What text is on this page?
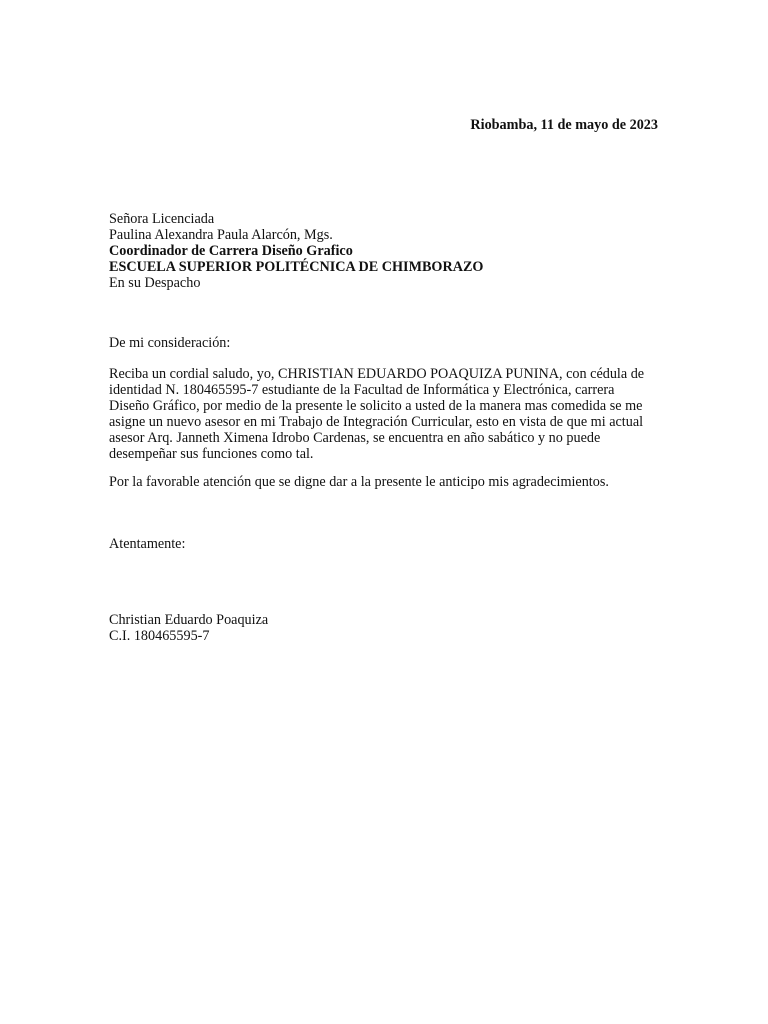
Riobamba, 11 de mayo de 2023
Señora Licenciada
Paulina Alexandra Paula Alarcón, Mgs.
Coordinador de Carrera Diseño Grafico
ESCUELA SUPERIOR POLITÉCNICA DE CHIMBORAZO
En su Despacho
De mi consideración:
Reciba un cordial saludo, yo, CHRISTIAN EDUARDO POAQUIZA PUNINA, con cédula de
identidad N. 180465595-7 estudiante de la Facultad de Informática y Electrónica, carrera
Diseño Gráfico, por medio de la presente le solicito a usted de la manera mas comedida se me
asigne un nuevo asesor en mi Trabajo de Integración Curricular, esto en vista de que mi actual
asesor Arq. Janneth Ximena Idrobo Cardenas, se encuentra en año sabático y no puede
desempeñar sus funciones como tal.
Por la favorable atención que se digne dar a la presente le anticipo mis agradecimientos.
Atentamente:
Christian Eduardo Poaquiza
C.I. 180465595-7
